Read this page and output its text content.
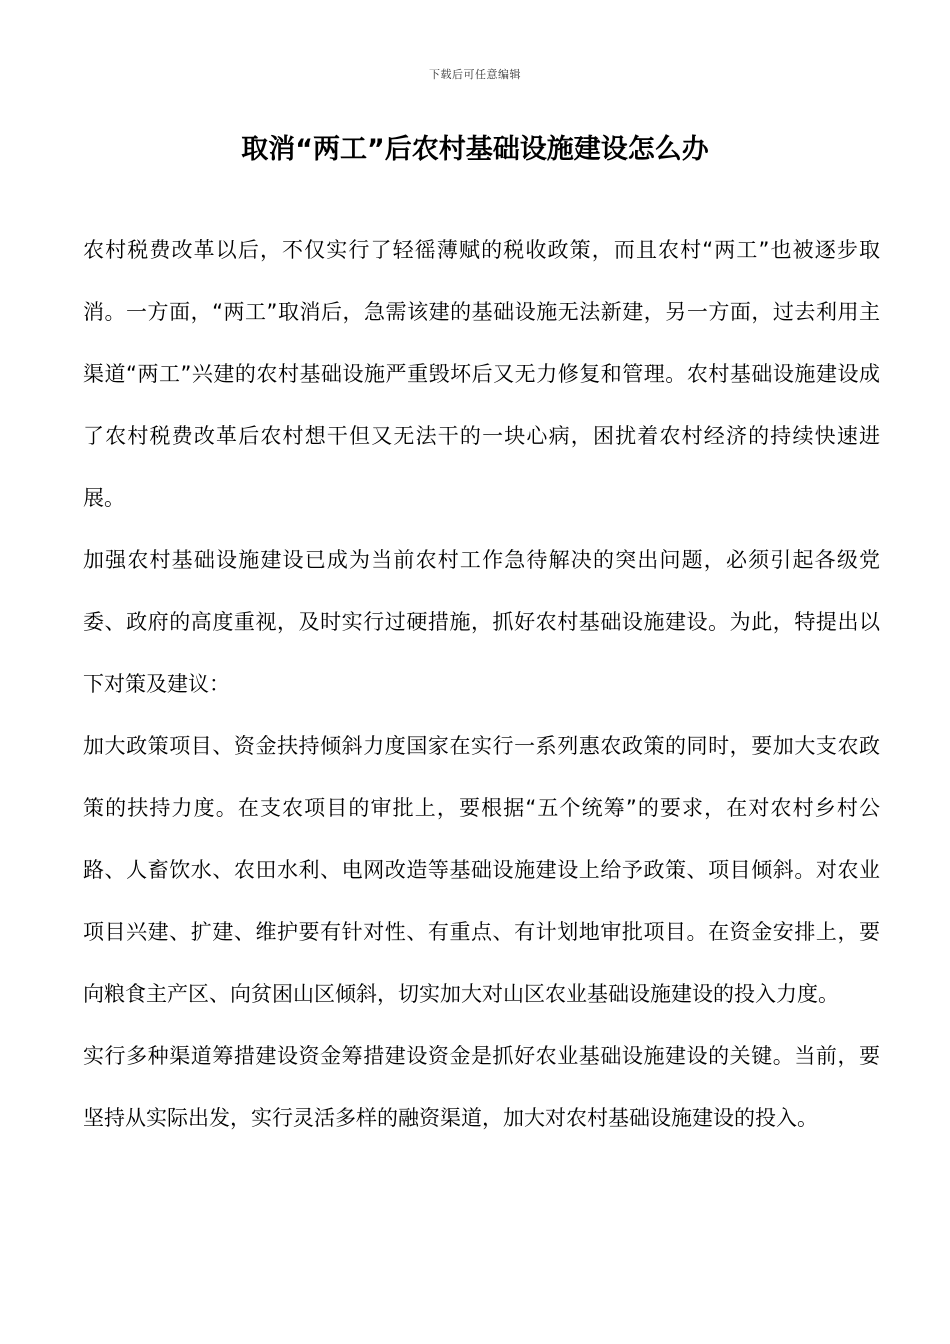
下载后可任意编辑
取消“两工”后农村基础设施建设怎么办

农村税费改革以后，不仅实行了轻徭薄赋的税收政策，而且农村“两工”也被逐步取消。一方面，“两工”取消后，急需该建的基础设施无法新建，另一方面，过去利用主渠道“两工”兴建的农村基础设施严重毁坏后又无力修复和管理。农村基础设施建设成了农村税费改革后农村想干但又无法干的一块心病，困扰着农村经济的持续快速进展。

加强农村基础设施建设已成为当前农村工作急待解决的突出问题，必须引起各级党委、政府的高度重视，及时实行过硬措施，抓好农村基础设施建设。为此，特提出以下对策及建议：

加大政策项目、资金扶持倾斜力度国家在实行一系列惠农政策的同时，要加大支农政策的扶持力度。在支农项目的审批上，要根据“五个统筹”的要求，在对农村乡村公路、人畜饮水、农田水利、电网改造等基础设施建设上给予政策、项目倾斜。对农业项目兴建、扩建、维护要有针对性、有重点、有计划地审批项目。在资金安排上，要向粮食主产区、向贫困山区倾斜，切实加大对山区农业基础设施建设的投入力度。

实行多种渠道筹措建设资金筹措建设资金是抓好农业基础设施建设的关键。当前，要坚持从实际出发，实行灵活多样的融资渠道，加大对农村基础设施建设的投入。
